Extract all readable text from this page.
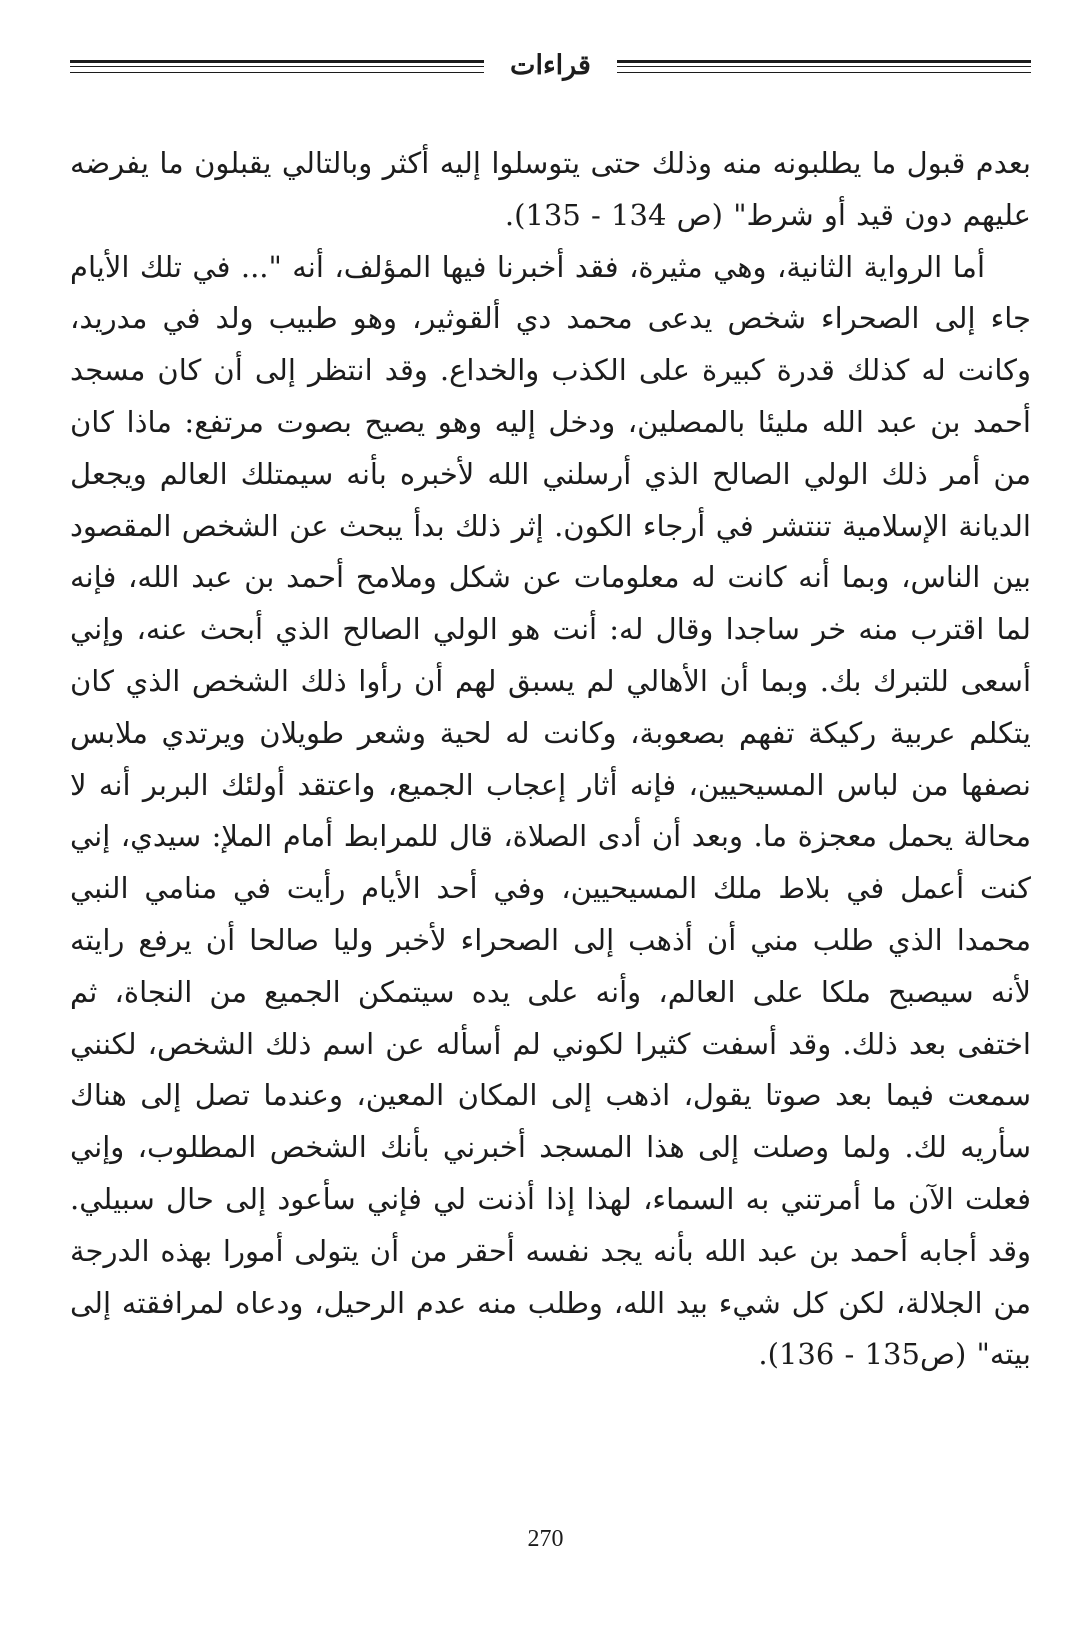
قراءات

بعدم قبول ما يطلبونه منه وذلك حتى يتوسلوا إليه أكثر وبالتالي يقبلون ما يفرضه عليهم دون قيد أو شرط" (ص 134 - 135).

أما الرواية الثانية، وهي مثيرة، فقد أخبرنا فيها المؤلف، أنه "... في تلك الأيام جاء إلى الصحراء شخص يدعى محمد دي ألقوثير، وهو طبيب ولد في مدريد، وكانت له كذلك قدرة كبيرة على الكذب والخداع. وقد انتظر إلى أن كان مسجد أحمد بن عبد الله مليئا بالمصلين، ودخل إليه وهو يصيح بصوت مرتفع: ماذا كان من أمر ذلك الولي الصالح الذي أرسلني الله لأخبره بأنه سيمتلك العالم ويجعل الديانة الإسلامية تنتشر في أرجاء الكون. إثر ذلك بدأ يبحث عن الشخص المقصود بين الناس، وبما أنه كانت له معلومات عن شكل وملامح أحمد بن عبد الله، فإنه لما اقترب منه خر ساجدا وقال له: أنت هو الولي الصالح الذي أبحث عنه، وإني أسعى للتبرك بك. وبما أن الأهالي لم يسبق لهم أن رأوا ذلك الشخص الذي كان يتكلم عربية ركيكة تفهم بصعوبة، وكانت له لحية وشعر طويلان ويرتدي ملابس نصفها من لباس المسيحيين، فإنه أثار إعجاب الجميع، واعتقد أولئك البربر أنه لا محالة يحمل معجزة ما. وبعد أن أدى الصلاة، قال للمرابط أمام الملإ: سيدي، إني كنت أعمل في بلاط ملك المسيحيين، وفي أحد الأيام رأيت في منامي النبي محمدا الذي طلب مني أن أذهب إلى الصحراء لأخبر وليا صالحا أن يرفع رايته لأنه سيصبح ملكا على العالم، وأنه على يده سيتمكن الجميع من النجاة، ثم اختفى بعد ذلك. وقد أسفت كثيرا لكوني لم أسأله عن اسم ذلك الشخص، لكنني سمعت فيما بعد صوتا يقول، اذهب إلى المكان المعين، وعندما تصل إلى هناك سأريه لك. ولما وصلت إلى هذا المسجد أخبرني بأنك الشخص المطلوب، وإني فعلت الآن ما أمرتني به السماء، لهذا إذا أذنت لي فإني سأعود إلى حال سبيلي. وقد أجابه أحمد بن عبد الله بأنه يجد نفسه أحقر من أن يتولى أمورا بهذه الدرجة من الجلالة، لكن كل شيء بيد الله، وطلب منه عدم الرحيل، ودعاه لمرافقته إلى بيته" (ص135 - 136).

270
